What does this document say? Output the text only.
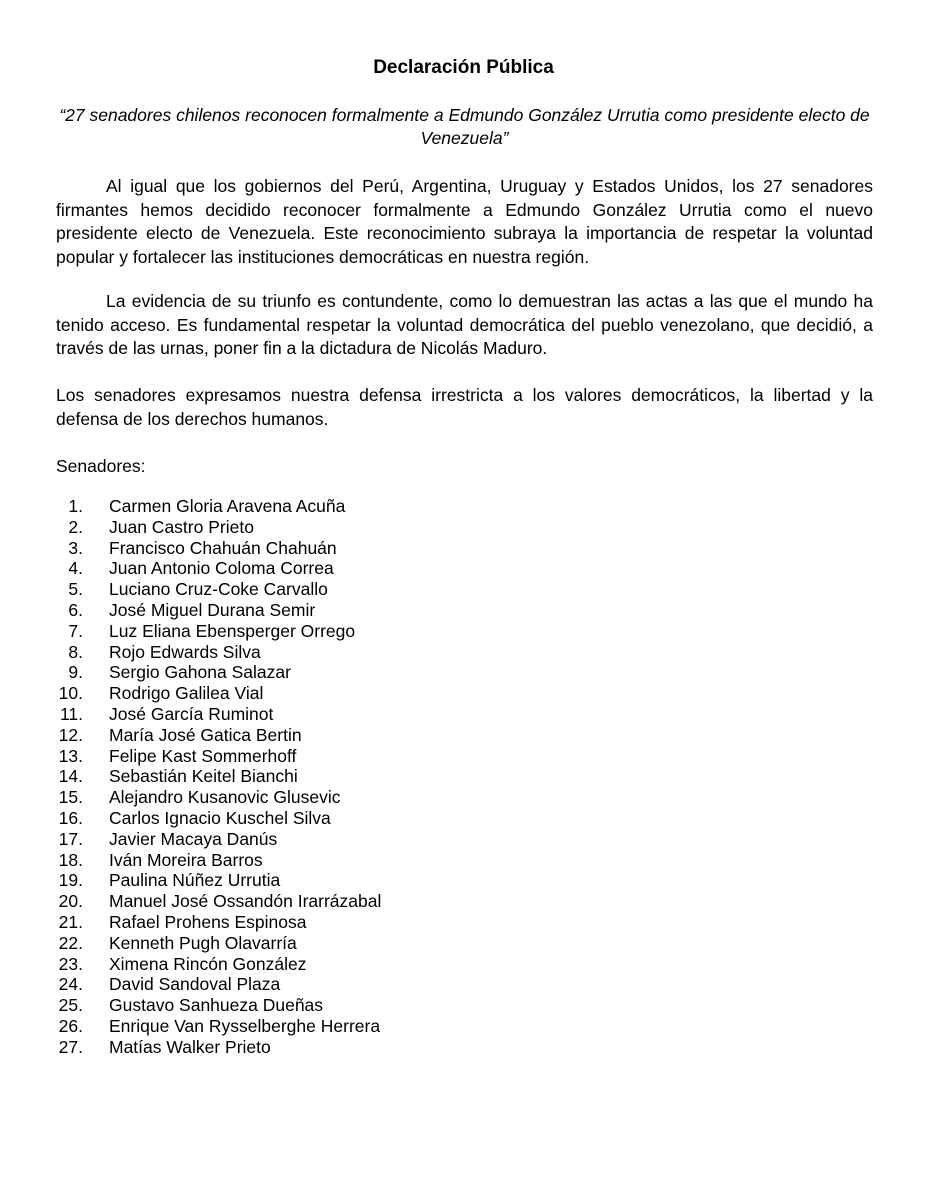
Declaración Pública
“27 senadores chilenos reconocen formalmente a Edmundo González Urrutia como presidente electo de Venezuela”

Al igual que los gobiernos del Perú, Argentina, Uruguay y Estados Unidos, los 27 senadores firmantes hemos decidido reconocer formalmente a Edmundo González Urrutia como el nuevo presidente electo de Venezuela. Este reconocimiento subraya la importancia de respetar la voluntad popular y fortalecer las instituciones democráticas en nuestra región.

La evidencia de su triunfo es contundente, como lo demuestran las actas a las que el mundo ha tenido acceso. Es fundamental respetar la voluntad democrática del pueblo venezolano, que decidió, a través de las urnas, poner fin a la dictadura de Nicolás Maduro.

Los senadores expresamos nuestra defensa irrestricta a los valores democráticos, la libertad y la defensa de los derechos humanos.

Senadores:
1. Carmen Gloria Aravena Acuña
2. Juan Castro Prieto
3. Francisco Chahuán Chahuán
4. Juan Antonio Coloma Correa
5. Luciano Cruz-Coke Carvallo
6. José Miguel Durana Semir
7. Luz Eliana Ebensperger Orrego
8. Rojo Edwards Silva
9. Sergio Gahona Salazar
10. Rodrigo Galilea Vial
11. José García Ruminot
12. María José Gatica Bertin
13. Felipe Kast Sommerhoff
14. Sebastián Keitel Bianchi
15. Alejandro Kusanovic Glusevic
16. Carlos Ignacio Kuschel Silva
17. Javier Macaya Danús
18. Iván Moreira Barros
19. Paulina Núñez Urrutia
20. Manuel José Ossandón Irarrázabal
21. Rafael Prohens Espinosa
22. Kenneth Pugh Olavarría
23. Ximena Rincón González
24. David Sandoval Plaza
25. Gustavo Sanhueza Dueñas
26. Enrique Van Rysselberghe Herrera
27. Matías Walker Prieto
